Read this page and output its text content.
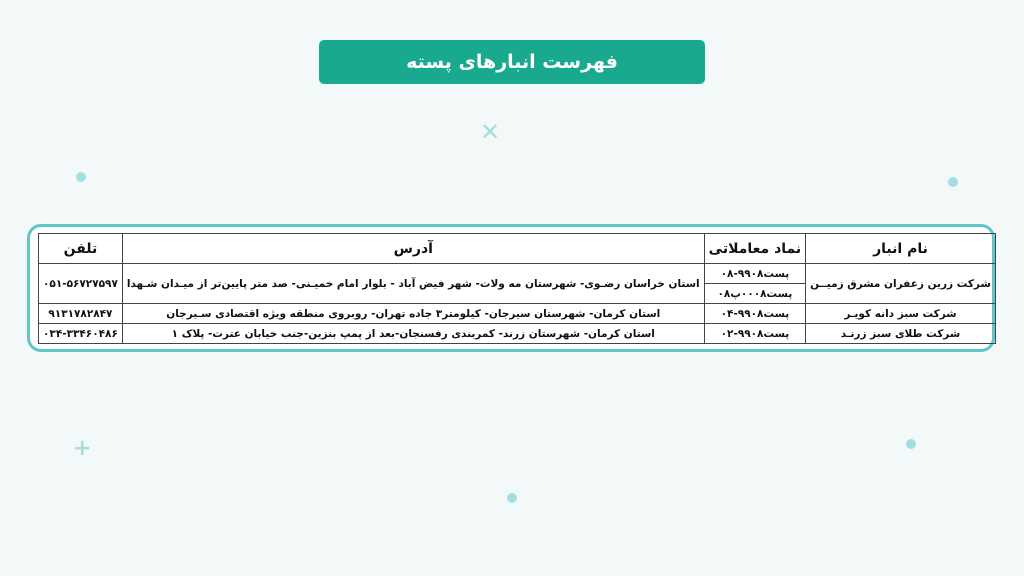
فهرست انبارهای پسته
✕
+
نام انبار	نماد معاملاتی	آدرس	تلفن
شرکت زرین زعفران مشرق زمیــن	پست۹۹۰۸-۰۸	استان خراسان رضـوی- شهرستان مه ولات- شهر فیض آباد - بلوار امام خمیـنی- صد متر پایین‌تر از میـدان شـهدا	۰۵۱-۵۶۷۲۷۵۹۷
	پست۰۰۰۸پ۰۸		
شرکت سبز دانه کویـر	پست۹۹۰۸-۰۴	استان کرمان- شهرستان سیرجان- کیلومتر۳ جاده تهران- روبروی منطقه ویژه اقتصادی سـیرجان	۹۱۳۱۷۸۲۸۴۷
شرکت طلای سبز زرنـد	پست۹۹۰۸-۰۲	استان کرمان- شهرستان زرند- کمربندی رفسنجان-بعد از پمپ بنزین-جنب خیابان عترت- پلاک ۱	۰۳۴-۳۳۴۶۰۴۸۶
